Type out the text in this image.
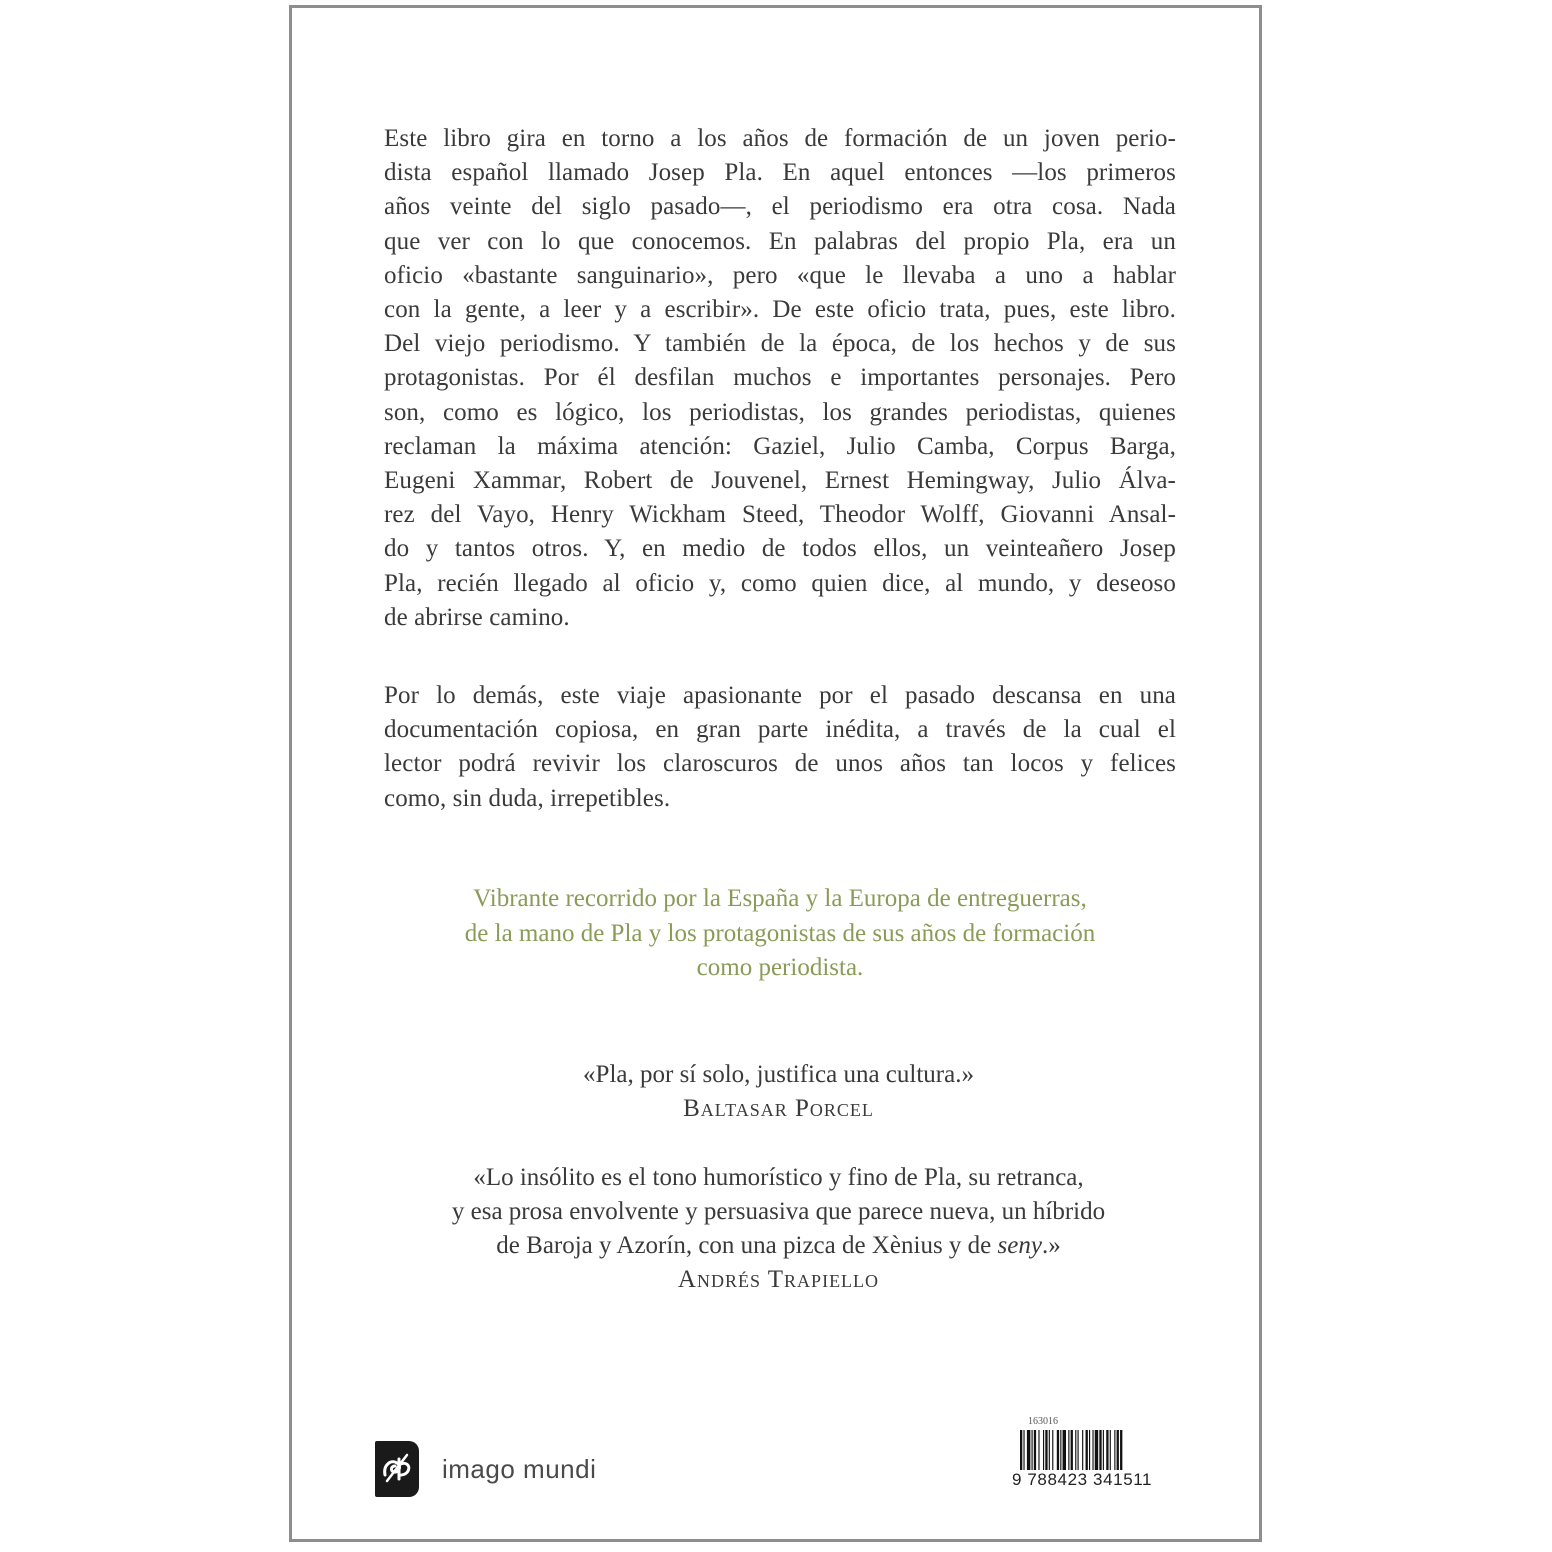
Este libro gira en torno a los años de formación de un joven perio-
dista español llamado Josep Pla. En aquel entonces —los primeros
años veinte del siglo pasado—, el periodismo era otra cosa. Nada
que ver con lo que conocemos. En palabras del propio Pla, era un
oficio «bastante sanguinario», pero «que le llevaba a uno a hablar
con la gente, a leer y a escribir». De este oficio trata, pues, este libro.
Del viejo periodismo. Y también de la época, de los hechos y de sus
protagonistas. Por él desfilan muchos e importantes personajes. Pero
son, como es lógico, los periodistas, los grandes periodistas, quienes
reclaman la máxima atención: Gaziel, Julio Camba, Corpus Barga,
Eugeni Xammar, Robert de Jouvenel, Ernest Hemingway, Julio Álva-
rez del Vayo, Henry Wickham Steed, Theodor Wolff, Giovanni Ansal-
do y tantos otros. Y, en medio de todos ellos, un veinteañero Josep
Pla, recién llegado al oficio y, como quien dice, al mundo, y deseoso
de abrirse camino.
Por lo demás, este viaje apasionante por el pasado descansa en una
documentación copiosa, en gran parte inédita, a través de la cual el
lector podrá revivir los claroscuros de unos años tan locos y felices
como, sin duda, irrepetibles.
Vibrante recorrido por la España y la Europa de entreguerras,
de la mano de Pla y los protagonistas de sus años de formación
como periodista.
«Pla, por sí solo, justifica una cultura.»
Baltasar Porcel
«Lo insólito es el tono humorístico y fino de Pla, su retranca,
y esa prosa envolvente y persuasiva que parece nueva, un híbrido
de Baroja y Azorín, con una pizca de Xènius y de seny.»
Andrés Trapiello
imago mundi
163016
9 788423 341511
